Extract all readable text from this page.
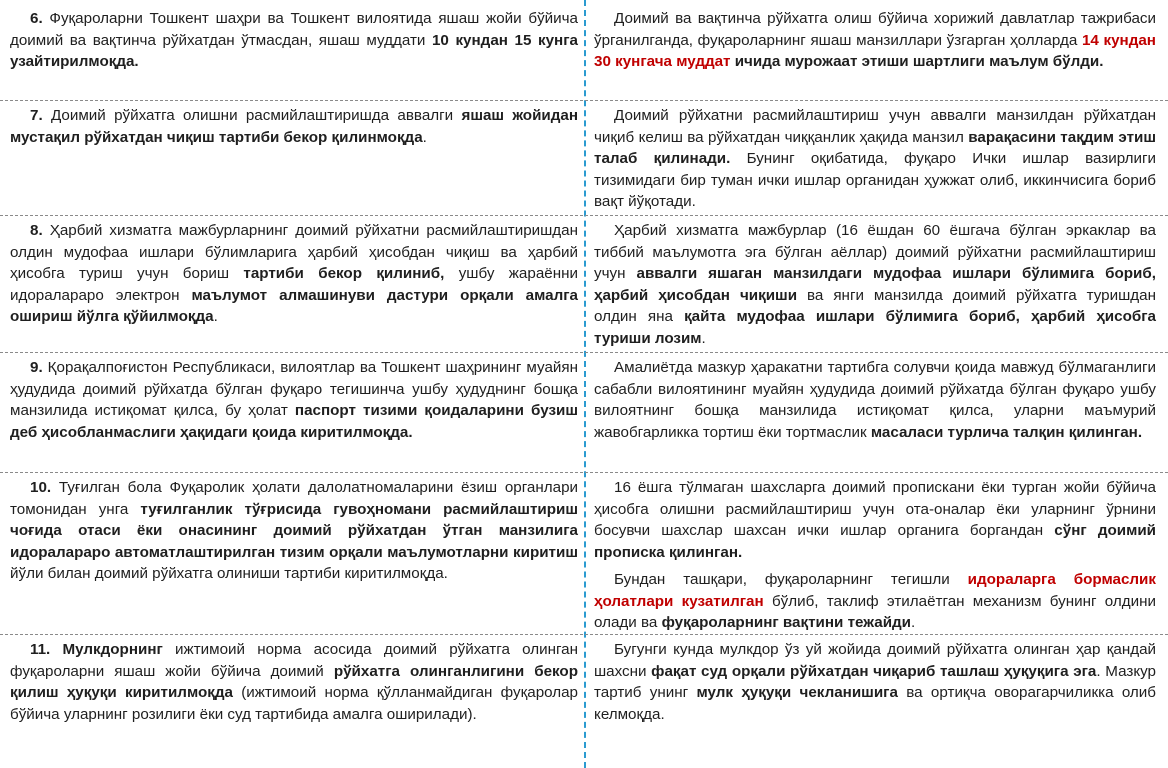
6. Фуқароларни Тошкент шаҳри ва Тошкент вилоятида яшаш жойи бўйича доимий ва вақтинча рўйхатдан ўтмасдан, яшаш муддати 10 кундан 15 кунга узайтирилмоқда.

Доимий ва вақтинча рўйхатга олиш бўйича хорижий давлатлар тажрибаси ўрганилганда, фуқароларнинг яшаш манзиллари ўзгарган ҳолларда 14 кундан 30 кунгача муддат ичида мурожаат этиши шартлиги маълум бўлди.

7. Доимий рўйхатга олишни расмийлаштиришда аввалги яшаш жойидан мустақил рўйхатдан чиқиш тартиби бекор қилинмоқда.

Доимий рўйхатни расмийлаштириш учун аввалги манзилдан рўйхатдан чиқиб келиш ва рўйхатдан чиққанлик ҳақида манзил варақасини тақдим этиш талаб қилинади. Бунинг оқибатида, фуқаро Ички ишлар вазирлиги тизимидаги бир туман ички ишлар органидан ҳужжат олиб, иккинчисига бориб вақт йўқотади.

8. Ҳарбий хизматга мажбурларнинг доимий рўйхатни расмийлаштиришдан олдин мудофаа ишлари бўлимларига ҳарбий ҳисобдан чиқиш ва ҳарбий ҳисобга туриш учун бориш тартиби бекор қилиниб, ушбу жараённи идоралараро электрон маълумот алмашинуви дастури орқали амалга ошириш йўлга қўйилмоқда.

Ҳарбий хизматга мажбурлар (16 ёшдан 60 ёшгача бўлган эркаклар ва тиббий маълумотга эга бўлган аёллар) доимий рўйхатни расмийлаштириш учун аввалги яшаган манзилдаги мудофаа ишлари бўлимига бориб, ҳарбий ҳисобдан чиқиши ва янги манзилда доимий рўйхатга туришдан олдин яна қайта мудофаа ишлари бўлимига бориб, ҳарбий ҳисобга туриши лозим.

9. Қорақалпоғистон Республикаси, вилоятлар ва Тошкент шаҳрининг муайян ҳудудида доимий рўйхатда бўлган фуқаро тегишинча ушбу ҳудуднинг бошқа манзилида истиқомат қилса, бу ҳолат паспорт тизими қоидаларини бузиш деб ҳисобланмаслиги ҳақидаги қоида киритилмоқда.

Амалиётда мазкур ҳаракатни тартибга солувчи қоида мавжуд бўлмаганлиги сабабли вилоятининг муайян ҳудудида доимий рўйхатда бўлган фуқаро ушбу вилоятнинг бошқа манзилида истиқомат қилса, уларни маъмурий жавобгарликка тортиш ёки тортмаслик масаласи турлича талқин қилинган.

10. Туғилган бола Фуқаролик ҳолати далолатномаларини ёзиш органлари томонидан унга туғилганлик тўғрисида гувоҳномани расмийлаштириш чоғида отаси ёки онасининг доимий рўйхатдан ўтган манзилига идоралараро автоматлаштирилган тизим орқали маълумотларни киритиш йўли билан доимий рўйхатга олиниши тартиби киритилмоқда.

16 ёшга тўлмаган шахсларга доимий пропискани ёки турган жойи бўйича ҳисобга олишни расмийлаштириш учун ота-оналар ёки уларнинг ўрнини босувчи шахслар шахсан ички ишлар органига боргандан сўнг доимий прописка қилинган.

Бундан ташқари, фуқароларнинг тегишли идораларга бормаслик ҳолатлари кузатилган бўлиб, таклиф этилаётган механизм бунинг олдини олади ва фуқароларнинг вақтини тежайди.

11. Мулкдорнинг ижтимоий норма асосида доимий рўйхатга олинган фуқароларни яшаш жойи бўйича доимий рўйхатга олинганлигини бекор қилиш ҳуқуқи киритилмоқда (ижтимоий норма қўлланмайдиган фуқаролар бўйича уларнинг розилиги ёки суд тартибида амалга оширилади).

Бугунги кунда мулкдор ўз уй жойида доимий рўйхатга олинган ҳар қандай шахсни фақат суд орқали рўйхатдан чиқариб ташлаш ҳуқуқига эга. Мазкур тартиб унинг мулк ҳуқуқи чекланишига ва ортиқча оворагарчиликка олиб келмоқда.
